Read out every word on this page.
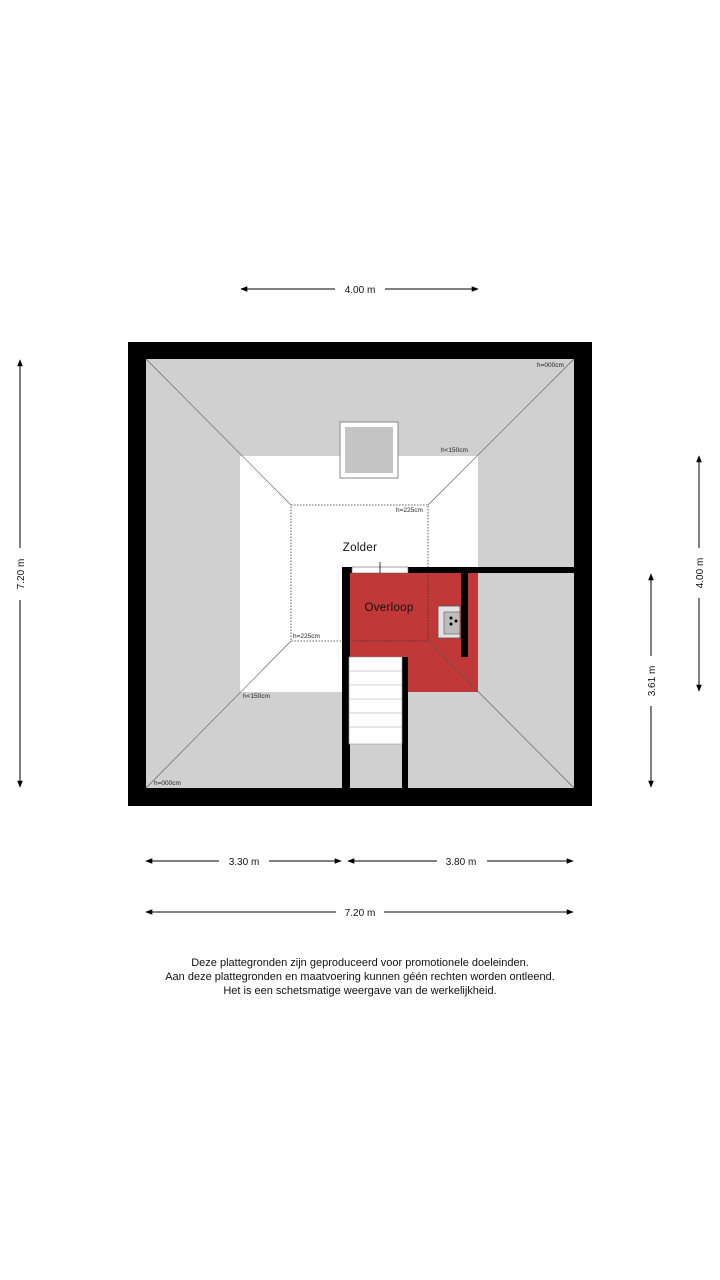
Zolder
Overloop
h=000cm
h<150cm
h=225cm
h=225cm
h<150cm
h=000cm
4.00 m
7.20 m	4.00 m
3.61 m
3.30 m	3.80 m
7.20 m
Deze plattegronden zijn geproduceerd voor promotionele doeleinden.
Aan deze plattegronden en maatvoering kunnen géén rechten worden ontleend.
Het is een schetsmatige weergave van de werkelijkheid.
